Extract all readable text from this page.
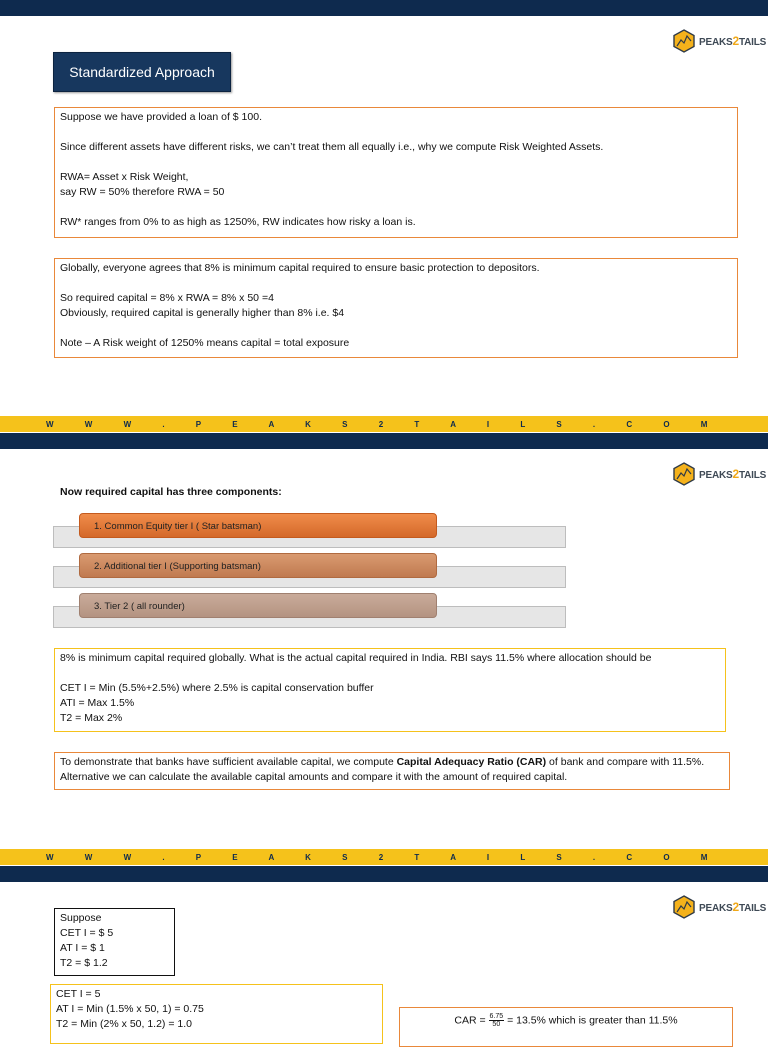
PEAKS2TAILS
Standardized Approach

Suppose we have provided a loan of $ 100.

Since different assets have different risks, we can’t treat them all equally i.e., why we compute Risk Weighted Assets.

RWA= Asset x Risk Weight,

say RW = 50% therefore RWA = 50

RW* ranges from 0% to as high as 1250%, RW indicates how risky a loan is.

Globally, everyone agrees that 8% is minimum capital required to ensure basic protection to depositors.

So required capital = 8% x RWA = 8% x 50 =4

Obviously, required capital is generally higher than 8% i.e. $4

Note – A Risk weight of 1250% means capital = total exposure

W W W . P E A K S 2 T A I L S . C O M
PEAKS2TAILS
Now required capital has three components:
1. Common Equity tier I ( Star batsman)
2. Additional tier I (Supporting batsman)
3. Tier 2 ( all rounder)

8% is minimum capital required globally. What is the actual capital required in India. RBI says 11.5% where allocation should be

CET I = Min (5.5%+2.5%) where 2.5% is capital conservation buffer

ATI = Max 1.5%

T2 = Max 2%

To demonstrate that banks have sufficient available capital, we compute Capital Adequacy Ratio (CAR) of bank and compare with 11.5%. Alternative we can calculate the available capital amounts and compare it with the amount of required capital.

W W W . P E A K S 2 T A I L S . C O M
PEAKS2TAILS

Suppose

CET I = $ 5

AT I = $ 1

T2 = $ 1.2

CET I = 5

AT I = Min (1.5% x 50, 1) = 0.75

T2 = Min (2% x 50, 1.2) = 1.0	CAR = $\frac{6.75}{50} = 13.5\%$ which is greater than 11.5%
